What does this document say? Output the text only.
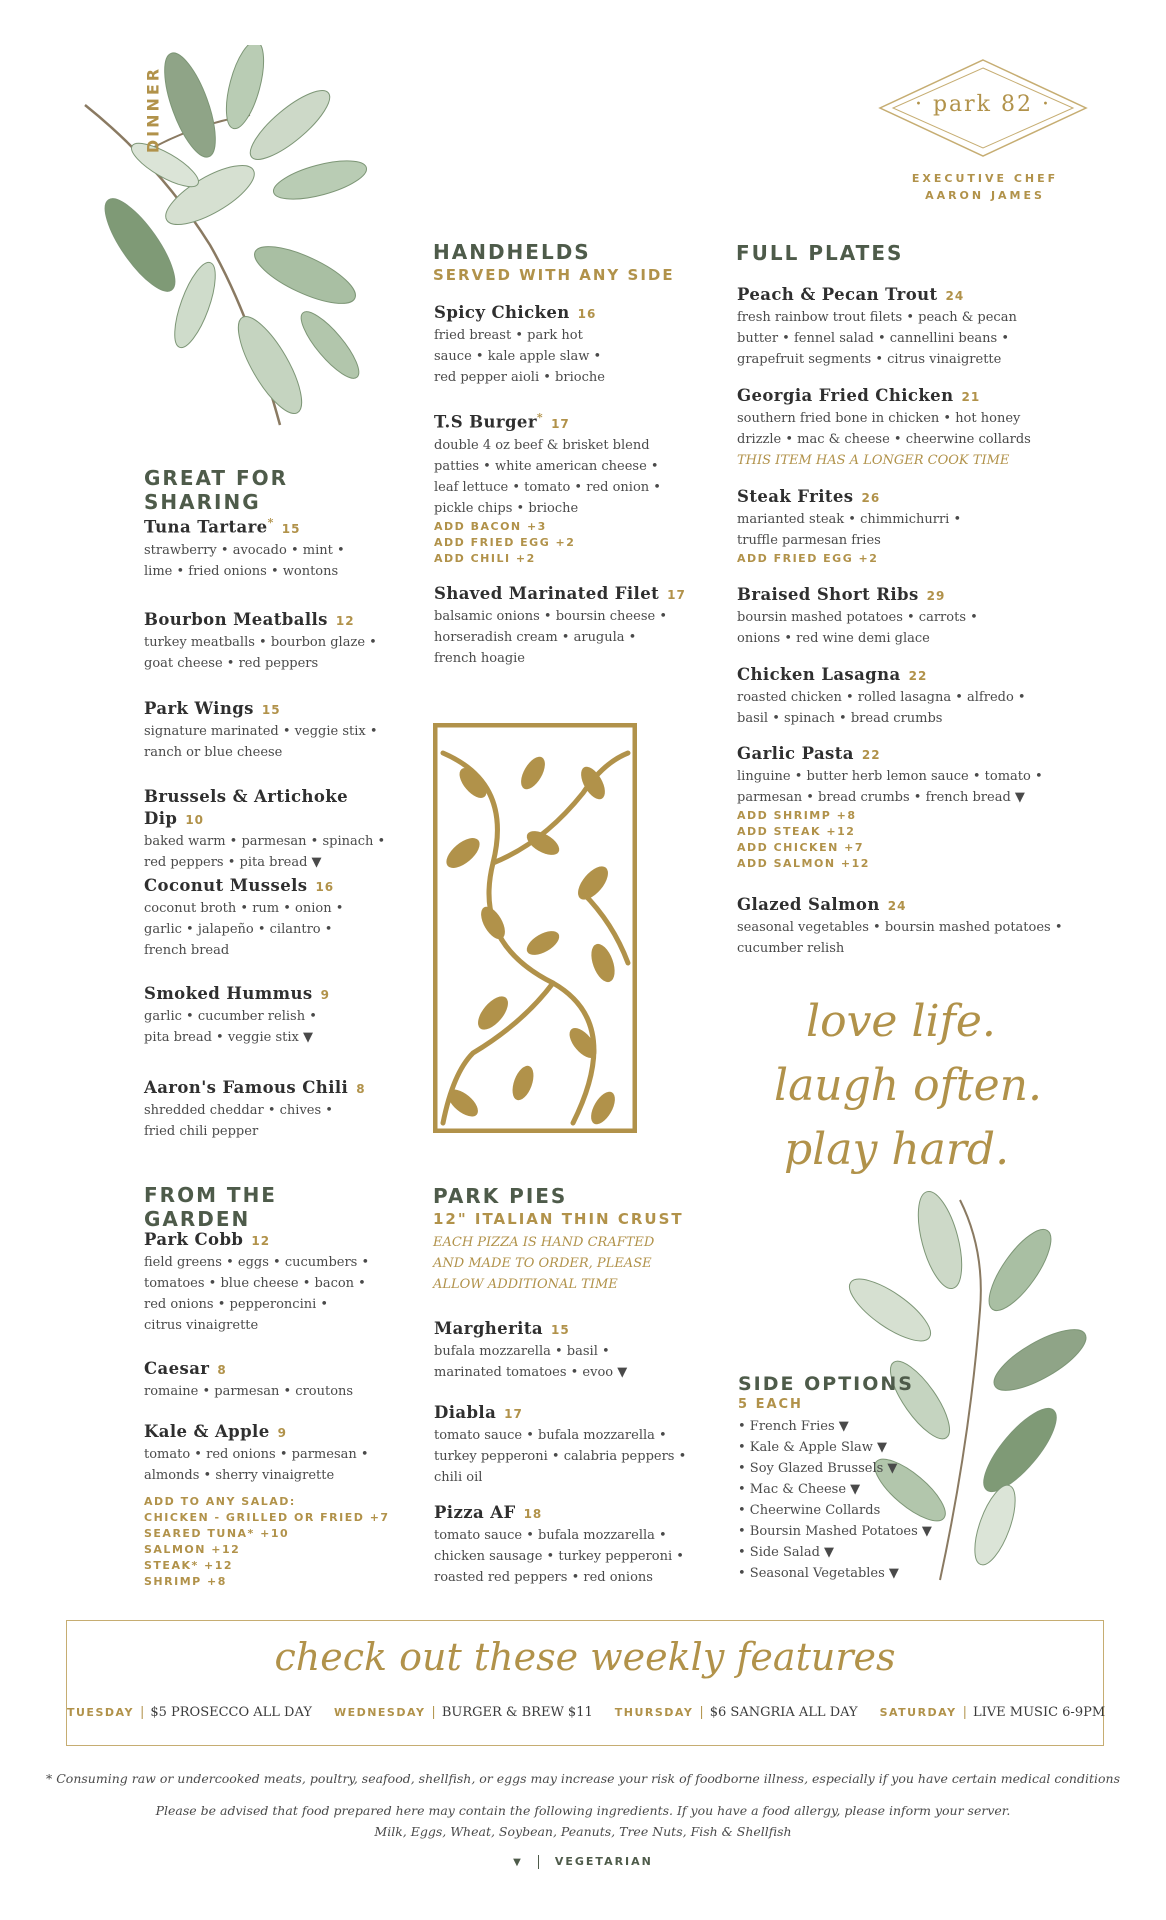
DINNER	· park 82 ·
EXECUTIVE CHEF
AARON JAMES
GREAT FOR SHARING
Tuna Tartare* 15
strawberry • avocado • mint •
lime • fried onions • wontons
Bourbon Meatballs 12
turkey meatballs • bourbon glaze •
goat cheese • red peppers
Park Wings 15
signature marinated • veggie stix •
ranch or blue cheese
Brussels & Artichoke Dip 10
baked warm • parmesan • spinach •
red peppers • pita bread ▼
Coconut Mussels 16
coconut broth • rum • onion •
garlic • jalapeño • cilantro •
french bread
Smoked Hummus 9
garlic • cucumber relish •
pita bread • veggie stix ▼
Aaron's Famous Chili 8
shredded cheddar • chives •
fried chili pepper
FROM THE GARDEN
Park Cobb 12
field greens • eggs • cucumbers •
tomatoes • blue cheese • bacon •
red onions • pepperoncini •
citrus vinaigrette
Caesar 8
romaine • parmesan • croutons
Kale & Apple 9
tomato • red onions • parmesan •
almonds • sherry vinaigrette
ADD TO ANY SALAD:
CHICKEN - GRILLED OR FRIED +7
SEARED TUNA* +10
SALMON +12
STEAK* +12
SHRIMP +8
HANDHELDS
SERVED WITH ANY SIDE
Spicy Chicken 16
fried breast • park hot
sauce • kale apple slaw •
red pepper aioli • brioche
T.S Burger* 17
double 4 oz beef & brisket blend
patties • white american cheese •
leaf lettuce • tomato • red onion •
pickle chips • brioche
ADD BACON +3
ADD FRIED EGG +2
ADD CHILI +2
Shaved Marinated Filet 17
balsamic onions • boursin cheese •
horseradish cream • arugula •
french hoagie
PARK PIES
12" ITALIAN THIN CRUST
EACH PIZZA IS HAND CRAFTED
AND MADE TO ORDER, PLEASE
ALLOW ADDITIONAL TIME
Margherita 15
bufala mozzarella • basil •
marinated tomatoes • evoo ▼
Diabla 17
tomato sauce • bufala mozzarella •
turkey pepperoni • calabria peppers •
chili oil
Pizza AF 18
tomato sauce • bufala mozzarella •
chicken sausage • turkey pepperoni •
roasted red peppers • red onions
FULL PLATES
Peach & Pecan Trout 24
fresh rainbow trout filets • peach & pecan
butter • fennel salad • cannellini beans •
grapefruit segments • citrus vinaigrette
Georgia Fried Chicken 21
southern fried bone in chicken • hot honey
drizzle • mac & cheese • cheerwine collards
THIS ITEM HAS A LONGER COOK TIME
Steak Frites 26
marianted steak • chimmichurri •
truffle parmesan fries
ADD FRIED EGG +2
Braised Short Ribs 29
boursin mashed potatoes • carrots •
onions • red wine demi glace
Chicken Lasagna 22
roasted chicken • rolled lasagna • alfredo •
basil • spinach • bread crumbs
Garlic Pasta 22
linguine • butter herb lemon sauce • tomato •
parmesan • bread crumbs • french bread ▼
ADD SHRIMP +8
ADD STEAK +12
ADD CHICKEN +7
ADD SALMON +12
Glazed Salmon 24
seasonal vegetables • boursin mashed potatoes •
cucumber relish
love life.
laugh often.
play hard.
SIDE OPTIONS
5 EACH
• French Fries ▼
• Kale & Apple Slaw ▼
• Soy Glazed Brussels ▼
• Mac & Cheese ▼
• Cheerwine Collards
• Boursin Mashed Potatoes ▼
• Side Salad ▼
• Seasonal Vegetables ▼
check out these weekly features
TUESDAY | $5 PROSECCO ALL DAY WEDNESDAY | BURGER & BREW $11 THURSDAY | $6 SANGRIA ALL DAY SATURDAY | LIVE MUSIC 6-9PM
* Consuming raw or undercooked meats, poultry, seafood, shellfish, or eggs may increase your risk of foodborne illness, especially if you have certain medical conditions
Please be advised that food prepared here may contain the following ingredients. If you have a food allergy, please inform your server.
Milk, Eggs, Wheat, Soybean, Peanuts, Tree Nuts, Fish & Shellfish
▼	VEGETARIAN
